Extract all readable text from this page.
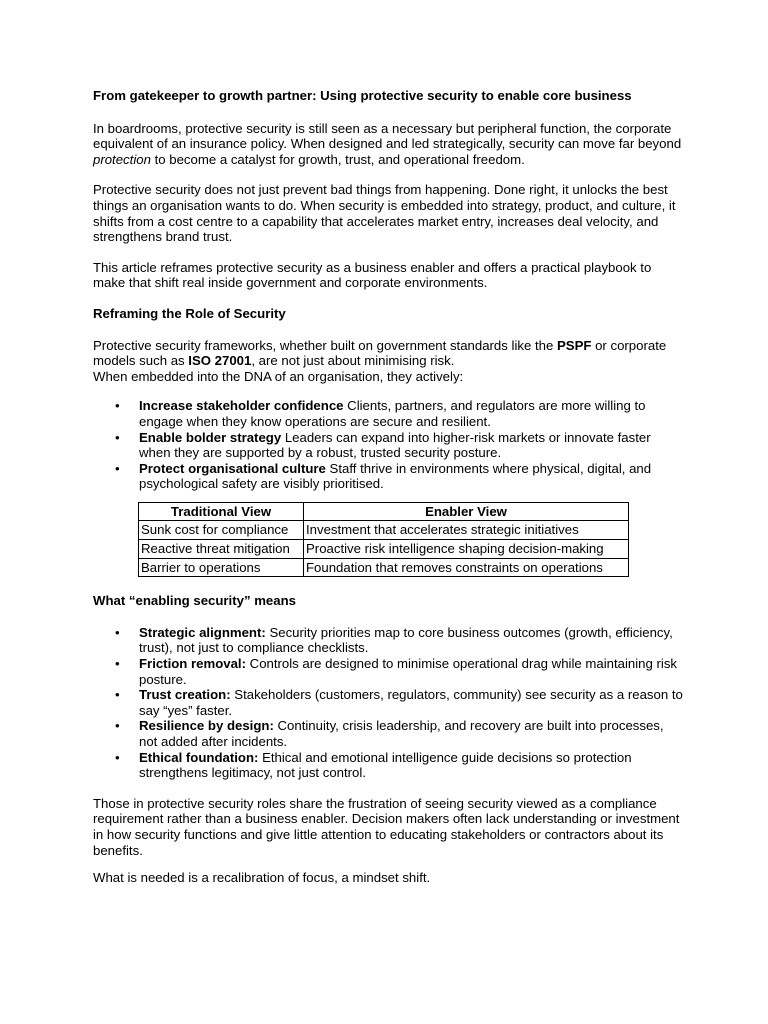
From gatekeeper to growth partner: Using protective security to enable core business

In boardrooms, protective security is still seen as a necessary but peripheral function, the corporate equivalent of an insurance policy. When designed and led strategically, security can move far beyond protection to become a catalyst for growth, trust, and operational freedom.

Protective security does not just prevent bad things from happening. Done right, it unlocks the best things an organisation wants to do. When security is embedded into strategy, product, and culture, it shifts from a cost centre to a capability that accelerates market entry, increases deal velocity, and strengthens brand trust.

This article reframes protective security as a business enabler and offers a practical playbook to make that shift real inside government and corporate environments.

Reframing the Role of Security

Protective security frameworks, whether built on government standards like the PSPF or corporate models such as ISO 27001, are not just about minimising risk.
When embedded into the DNA of an organisation, they actively:

• Increase stakeholder confidence Clients, partners, and regulators are more willing to engage when they know operations are secure and resilient.
• Enable bolder strategy Leaders can expand into higher-risk markets or innovate faster when they are supported by a robust, trusted security posture.
• Protect organisational culture Staff thrive in environments where physical, digital, and psychological safety are visibly prioritised.
Traditional View	Enabler View
Sunk cost for compliance	Investment that accelerates strategic initiatives
Reactive threat mitigation	Proactive risk intelligence shaping decision-making
Barrier to operations	Foundation that removes constraints on operations
What “enabling security” means
• Strategic alignment: Security priorities map to core business outcomes (growth, efficiency, trust), not just to compliance checklists.
• Friction removal: Controls are designed to minimise operational drag while maintaining risk posture.
• Trust creation: Stakeholders (customers, regulators, community) see security as a reason to say “yes” faster.
• Resilience by design: Continuity, crisis leadership, and recovery are built into processes, not added after incidents.
• Ethical foundation: Ethical and emotional intelligence guide decisions so protection strengthens legitimacy, not just control.

Those in protective security roles share the frustration of seeing security viewed as a compliance requirement rather than a business enabler. Decision makers often lack understanding or investment in how security functions and give little attention to educating stakeholders or contractors about its benefits.

What is needed is a recalibration of focus, a mindset shift.
